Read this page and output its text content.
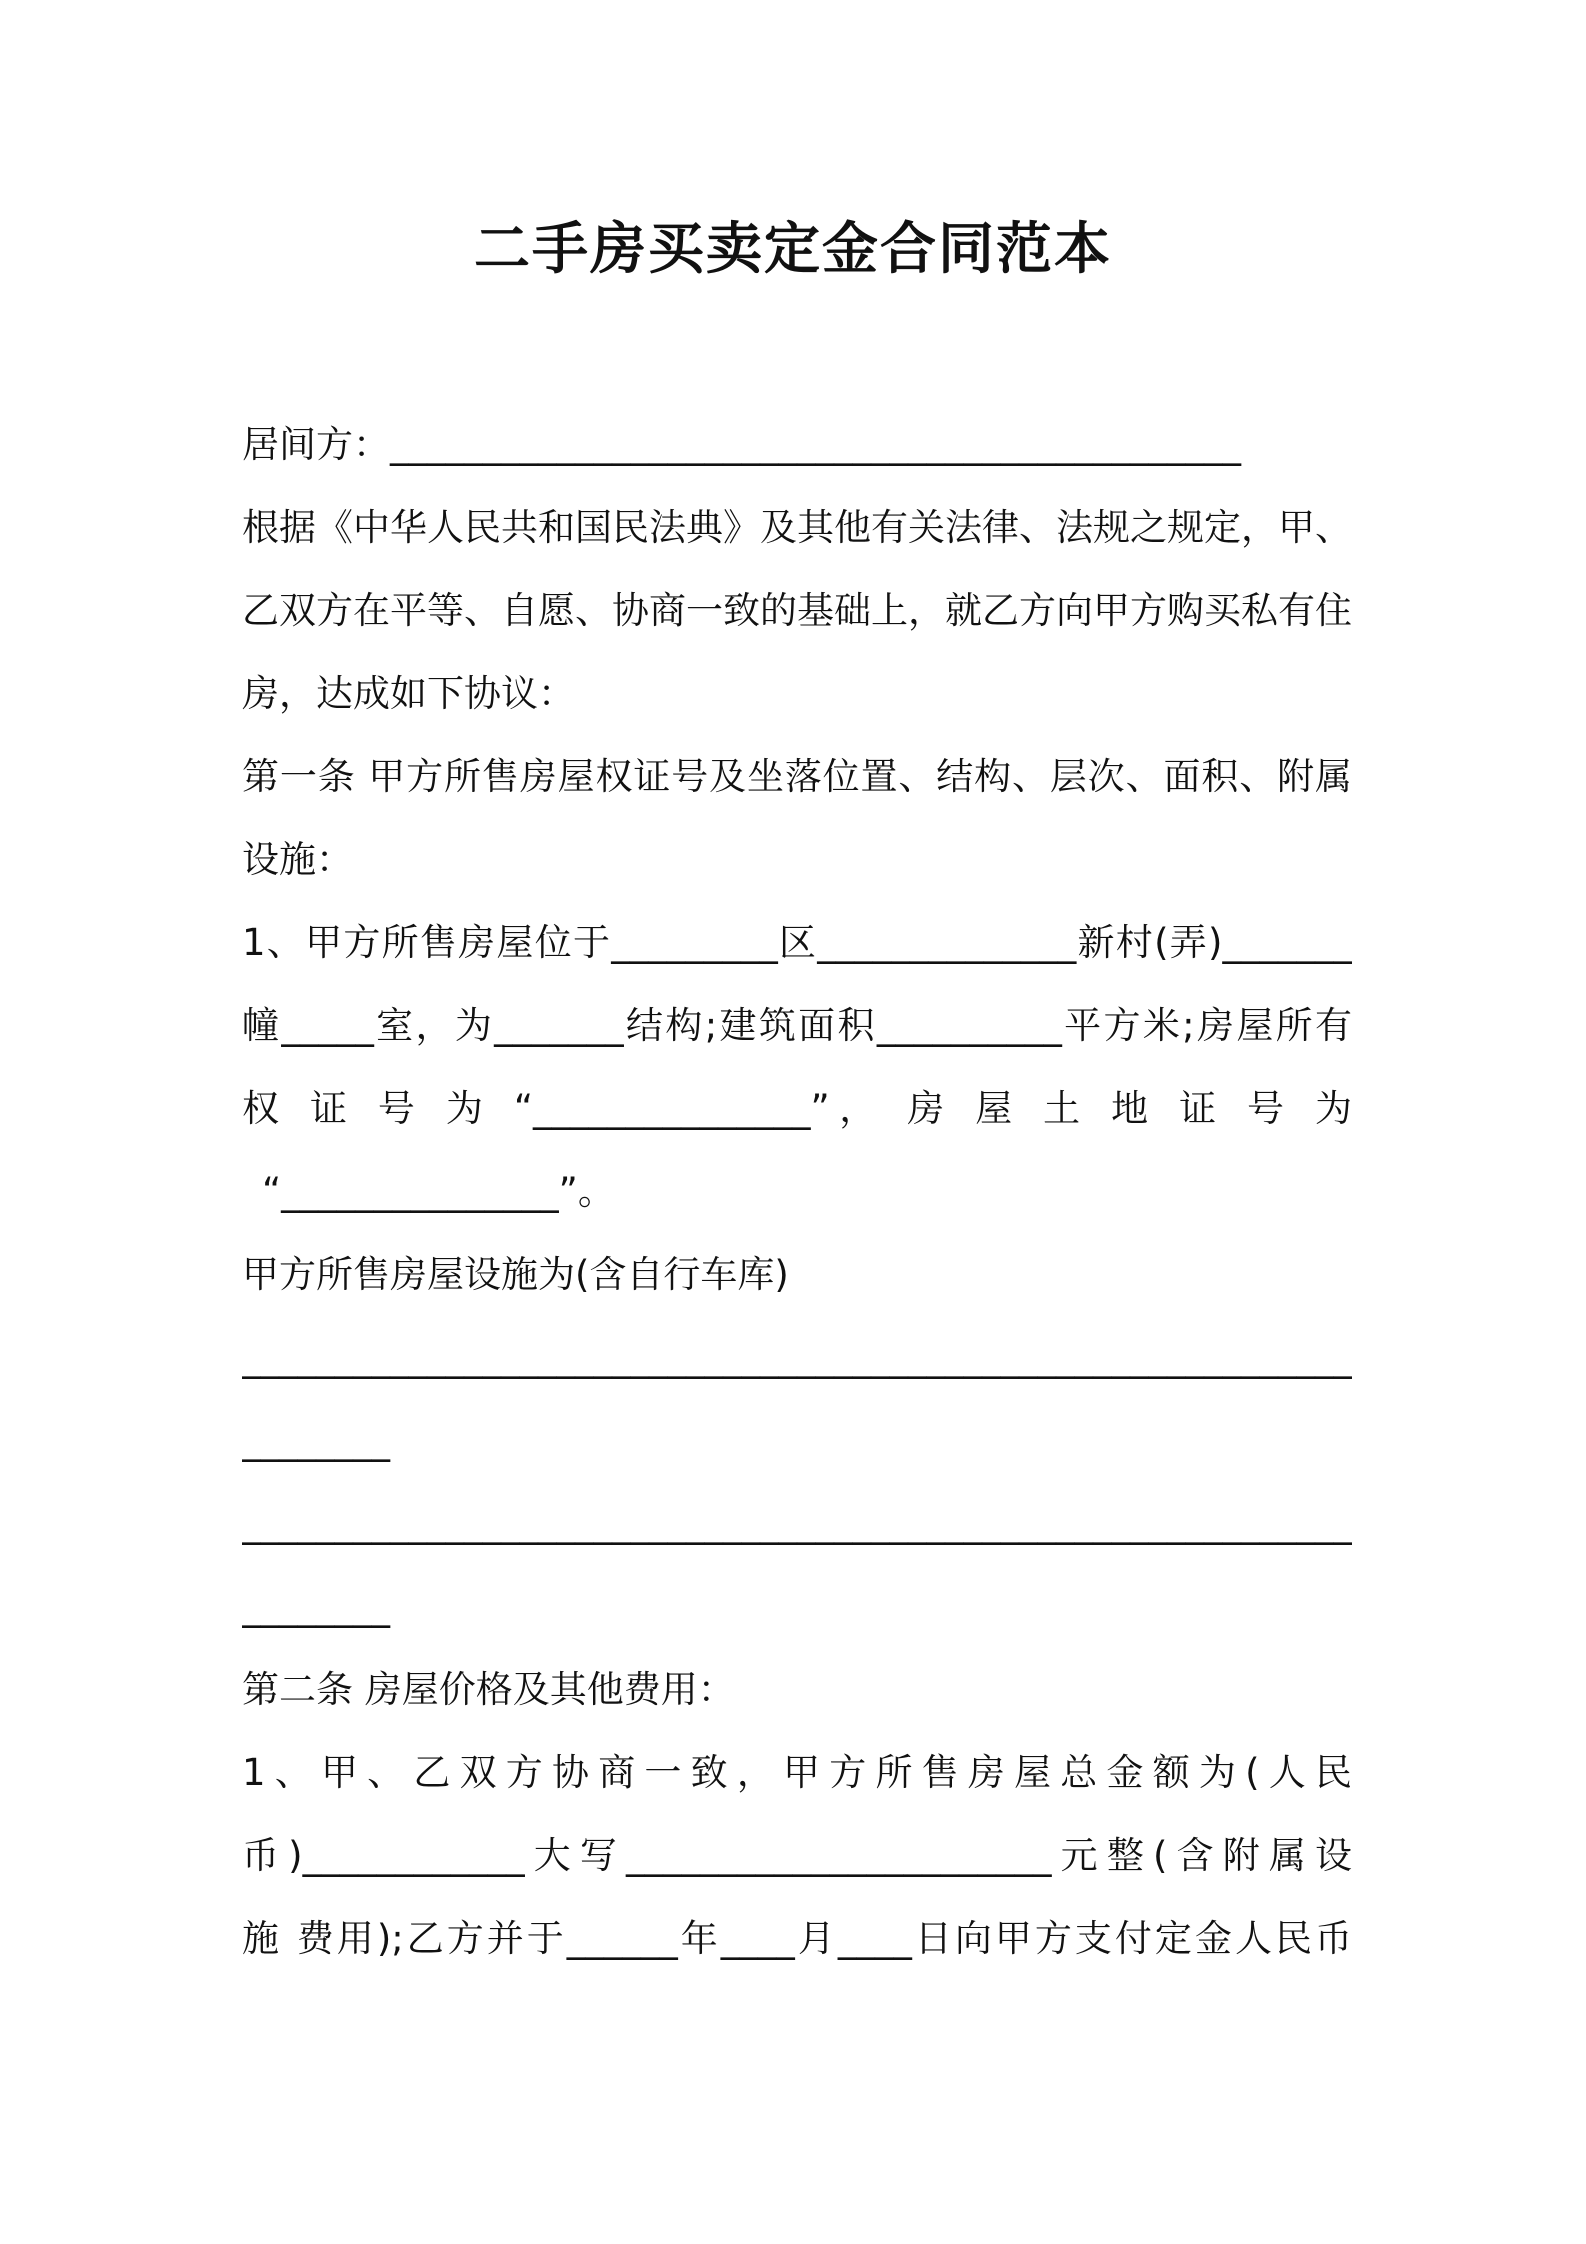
二手房买卖定金合同范本

居间方：______________________________________________

根据《中华人民共和国民法典》及其他有关法律、法规之规定，甲、

乙双方在平等、自愿、协商一致的基础上，就乙方向甲方购买私有住

房，达成如下协议：

第一条 甲方所售房屋权证号及坐落位置、结构、层次、面积、附属

设施：

1、甲方所售房屋位于_________区______________新村(弄)_______

幢_____室，为_______结构;建筑面积__________平方米;房屋所有

权 证 号 为 “_______________”， 房 屋 土 地 证 号 为

“_______________”。

甲方所售房屋设施为(含自行车库)

____________________________________________________________

________

____________________________________________________________

________

第二条 房屋价格及其他费用：

1、甲、乙双方协商一致，甲方所售房屋总金额为(人民

币)____________大写_______________________元整(含附属设

施 费用);乙方并于______年____月____日向甲方支付定金人民币
